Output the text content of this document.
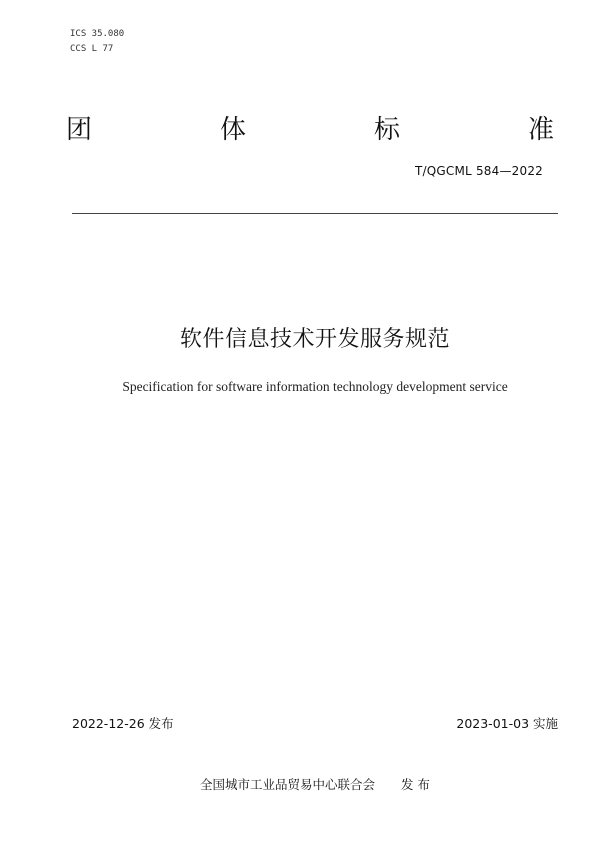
ICS 35.080
CCS L 77
团	体	标	准
T/QGCML 584—2022
软件信息技术开发服务规范
Specification for software information technology development service
2022-12-26 发布	2023-01-03 实施
全国城市工业品贸易中心联合会 发 布
